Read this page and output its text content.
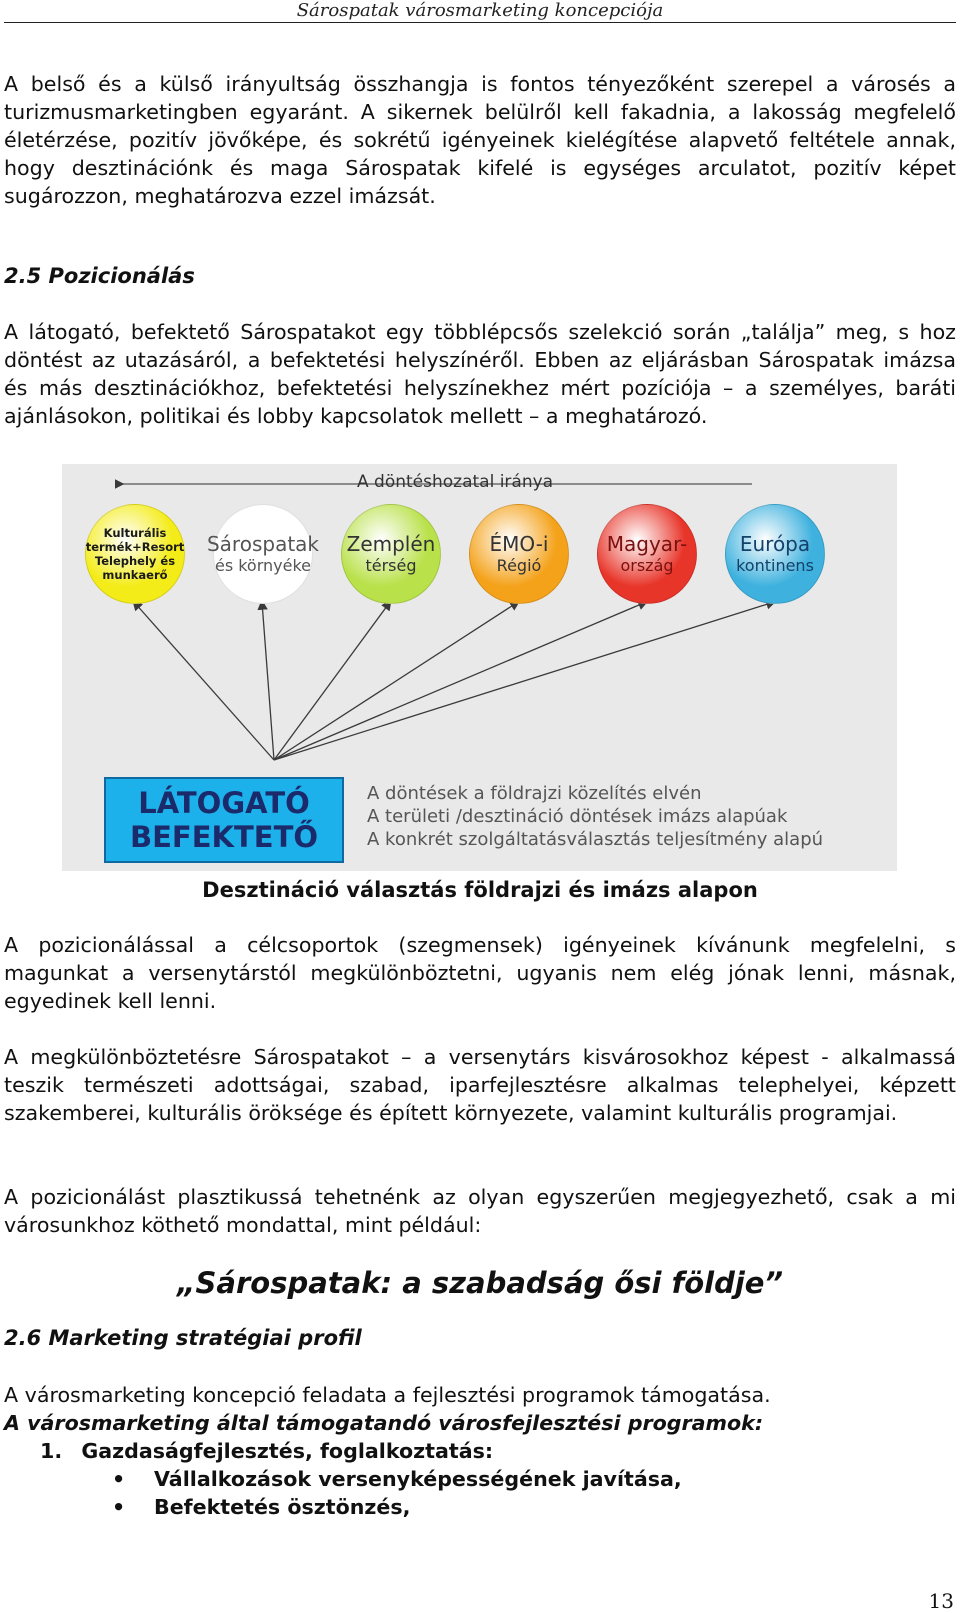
Sárospatak városmarketing koncepciója

A belső és a külső irányultság összhangja is fontos tényezőként szerepel a városés a turizmusmarketingben egyaránt. A sikernek belülről kell fakadnia, a lakosság megfelelő életérzése, pozitív jövőképe, és sokrétű igényeinek kielégítése alapvető feltétele annak, hogy desztinációnk és maga Sárospatak kifelé is egységes arculatot, pozitív képet sugározzon, meghatározva ezzel imázsát.

2.5 Pozicionálás

A látogató, befektető Sárospatakot egy többlépcsős szelekció során „találja” meg, s hoz döntést az utazásáról, a befektetési helyszínéről. Ebben az eljárásban Sárospatak imázsa és más desztinációkhoz, befektetési helyszínekhez mért pozíciója – a személyes, baráti ajánlásokon, politikai és lobby kapcsolatok mellett – a meghatározó.

A döntéshozatal iránya
Kulturális
termék+Resort
Telephely és
munkaerő
Sárospatak
és környéke
Zemplén
térség
ÉMO-i
Régió
Magyar-
ország
Európa
kontinens
LÁTOGATÓ
BEFEKTETŐ
A döntések a földrajzi közelítés elvén
A területi /desztináció döntések imázs alapúak
A konkrét szolgáltatásválasztás teljesítmény alapú
Desztináció választás földrajzi és imázs alapon

A pozicionálással a célcsoportok (szegmensek) igényeinek kívánunk megfelelni, s magunkat a versenytárstól megkülönböztetni, ugyanis nem elég jónak lenni, másnak, egyedinek kell lenni.

A megkülönböztetésre Sárospatakot – a versenytárs kisvárosokhoz képest - alkalmassá teszik természeti adottságai, szabad, iparfejlesztésre alkalmas telephelyei, képzett szakemberei, kulturális öröksége és épített környezete, valamint kulturális programjai.

A pozicionálást plasztikussá tehetnénk az olyan egyszerűen megjegyezhető, csak a mi városunkhoz köthető mondattal, mint például:

„Sárospatak: a szabadság ősi földje”

2.6 Marketing stratégiai profil

A városmarketing koncepció feladata a fejlesztési programok támogatása.

A városmarketing által támogatandó városfejlesztési programok:

1. Gazdaságfejlesztés, foglalkoztatás:
• Vállalkozások versenyképességének javítása,
• Befektetés ösztönzés,
13
